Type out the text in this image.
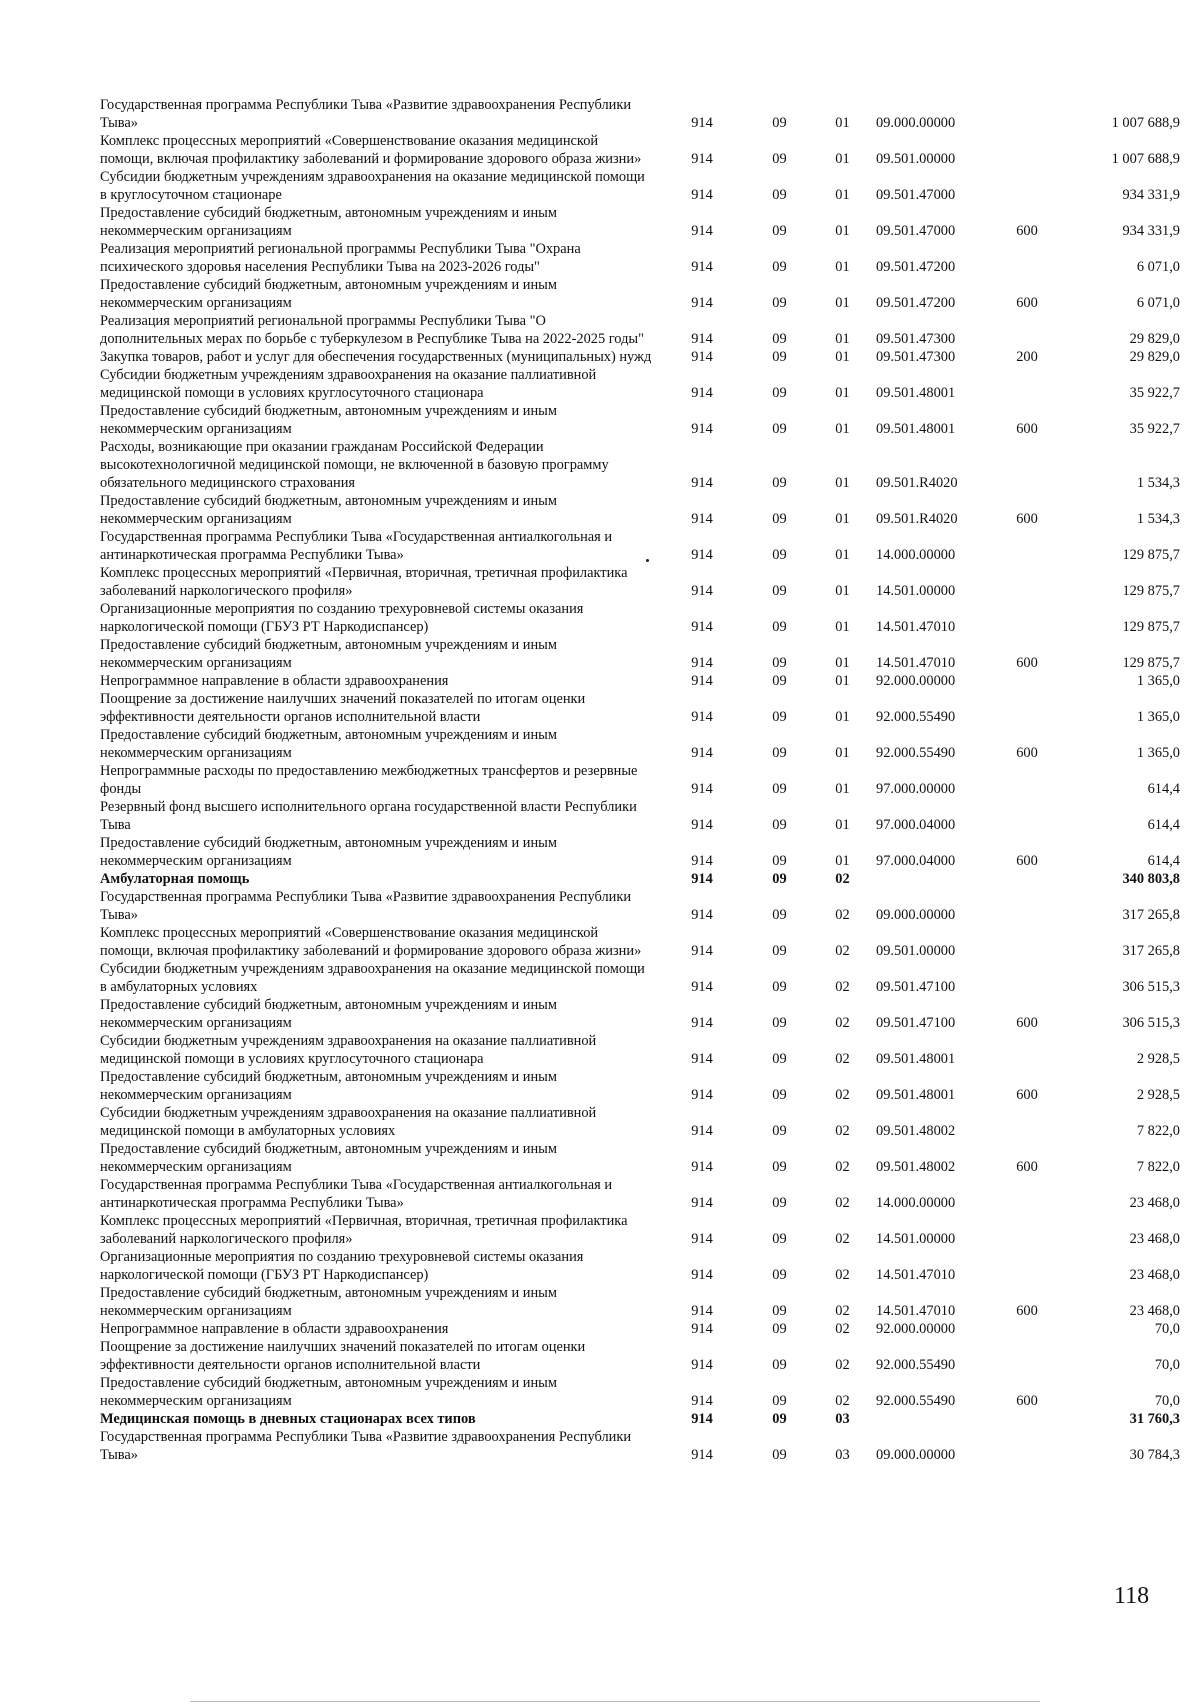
Государственная программа Республики Тыва «Развитие здравоохранения Республики Тыва»	914	09	01	09.000.00000		1 007 688,9
Комплекс процессных мероприятий «Совершенствование оказания медицинской помощи, включая профилактику заболеваний и формирование здорового образа жизни»	914	09	01	09.501.00000		1 007 688,9
Субсидии бюджетным учреждениям здравоохранения на оказание медицинской помощи в круглосуточном стационаре	914	09	01	09.501.47000		934 331,9
Предоставление субсидий бюджетным, автономным учреждениям и иным некоммерческим организациям	914	09	01	09.501.47000	600	934 331,9
Реализация мероприятий региональной программы Республики Тыва "Охрана психического здоровья населения Республики Тыва на 2023-2026 годы"	914	09	01	09.501.47200		6 071,0
Предоставление субсидий бюджетным, автономным учреждениям и иным некоммерческим организациям	914	09	01	09.501.47200	600	6 071,0
Реализация мероприятий региональной программы Республики Тыва "О дополнительных мерах по борьбе с туберкулезом в Республике Тыва на 2022-2025 годы"	914	09	01	09.501.47300		29 829,0
Закупка товаров, работ и услуг для обеспечения государственных (муниципальных) нужд	914	09	01	09.501.47300	200	29 829,0
Субсидии бюджетным учреждениям здравоохранения на оказание паллиативной медицинской помощи в условиях круглосуточного стационара	914	09	01	09.501.48001		35 922,7
Предоставление субсидий бюджетным, автономным учреждениям и иным некоммерческим организациям	914	09	01	09.501.48001	600	35 922,7
Расходы, возникающие при оказании гражданам Российской Федерации высокотехнологичной медицинской помощи, не включенной в базовую программу обязательного медицинского страхования	914	09	01	09.501.R4020		1 534,3
Предоставление субсидий бюджетным, автономным учреждениям и иным некоммерческим организациям	914	09	01	09.501.R4020	600	1 534,3
Государственная программа Республики Тыва «Государственная антиалкогольная и антинаркотическая программа Республики Тыва»	914	09	01	14.000.00000		129 875,7
Комплекс процессных мероприятий «Первичная, вторичная, третичная профилактика заболеваний наркологического профиля»	914	09	01	14.501.00000		129 875,7
Организационные мероприятия по созданию трехуровневой системы оказания наркологической помощи (ГБУЗ РТ Наркодиспансер)	914	09	01	14.501.47010		129 875,7
Предоставление субсидий бюджетным, автономным учреждениям и иным некоммерческим организациям	914	09	01	14.501.47010	600	129 875,7
Непрограммное направление в области здравоохранения	914	09	01	92.000.00000		1 365,0
Поощрение за достижение наилучших значений показателей по итогам оценки эффективности деятельности органов исполнительной власти	914	09	01	92.000.55490		1 365,0
Предоставление субсидий бюджетным, автономным учреждениям и иным некоммерческим организациям	914	09	01	92.000.55490	600	1 365,0
Непрограммные расходы по предоставлению межбюджетных трансфертов и резервные фонды	914	09	01	97.000.00000		614,4
Резервный фонд высшего исполнительного органа государственной власти Республики Тыва	914	09	01	97.000.04000		614,4
Предоставление субсидий бюджетным, автономным учреждениям и иным некоммерческим организациям	914	09	01	97.000.04000	600	614,4
Амбулаторная помощь	914	09	02			340 803,8
Государственная программа Республики Тыва «Развитие здравоохранения Республики Тыва»	914	09	02	09.000.00000		317 265,8
Комплекс процессных мероприятий «Совершенствование оказания медицинской помощи, включая профилактику заболеваний и формирование здорового образа жизни»	914	09	02	09.501.00000		317 265,8
Субсидии бюджетным учреждениям здравоохранения на оказание медицинской помощи в амбулаторных условиях	914	09	02	09.501.47100		306 515,3
Предоставление субсидий бюджетным, автономным учреждениям и иным некоммерческим организациям	914	09	02	09.501.47100	600	306 515,3
Субсидии бюджетным учреждениям здравоохранения на оказание паллиативной медицинской помощи в условиях круглосуточного стационара	914	09	02	09.501.48001		2 928,5
Предоставление субсидий бюджетным, автономным учреждениям и иным некоммерческим организациям	914	09	02	09.501.48001	600	2 928,5
Субсидии бюджетным учреждениям здравоохранения на оказание паллиативной медицинской помощи в амбулаторных условиях	914	09	02	09.501.48002		7 822,0
Предоставление субсидий бюджетным, автономным учреждениям и иным некоммерческим организациям	914	09	02	09.501.48002	600	7 822,0
Государственная программа Республики Тыва «Государственная антиалкогольная и антинаркотическая программа Республики Тыва»	914	09	02	14.000.00000		23 468,0
Комплекс процессных мероприятий «Первичная, вторичная, третичная профилактика заболеваний наркологического профиля»	914	09	02	14.501.00000		23 468,0
Организационные мероприятия по созданию трехуровневой системы оказания наркологической помощи (ГБУЗ РТ Наркодиспансер)	914	09	02	14.501.47010		23 468,0
Предоставление субсидий бюджетным, автономным учреждениям и иным некоммерческим организациям	914	09	02	14.501.47010	600	23 468,0
Непрограммное направление в области здравоохранения	914	09	02	92.000.00000		70,0
Поощрение за достижение наилучших значений показателей по итогам оценки эффективности деятельности органов исполнительной власти	914	09	02	92.000.55490		70,0
Предоставление субсидий бюджетным, автономным учреждениям и иным некоммерческим организациям	914	09	02	92.000.55490	600	70,0
Медицинская помощь в дневных стационарах всех типов	914	09	03			31 760,3
Государственная программа Республики Тыва «Развитие здравоохранения Республики Тыва»	914	09	03	09.000.00000		30 784,3
118
